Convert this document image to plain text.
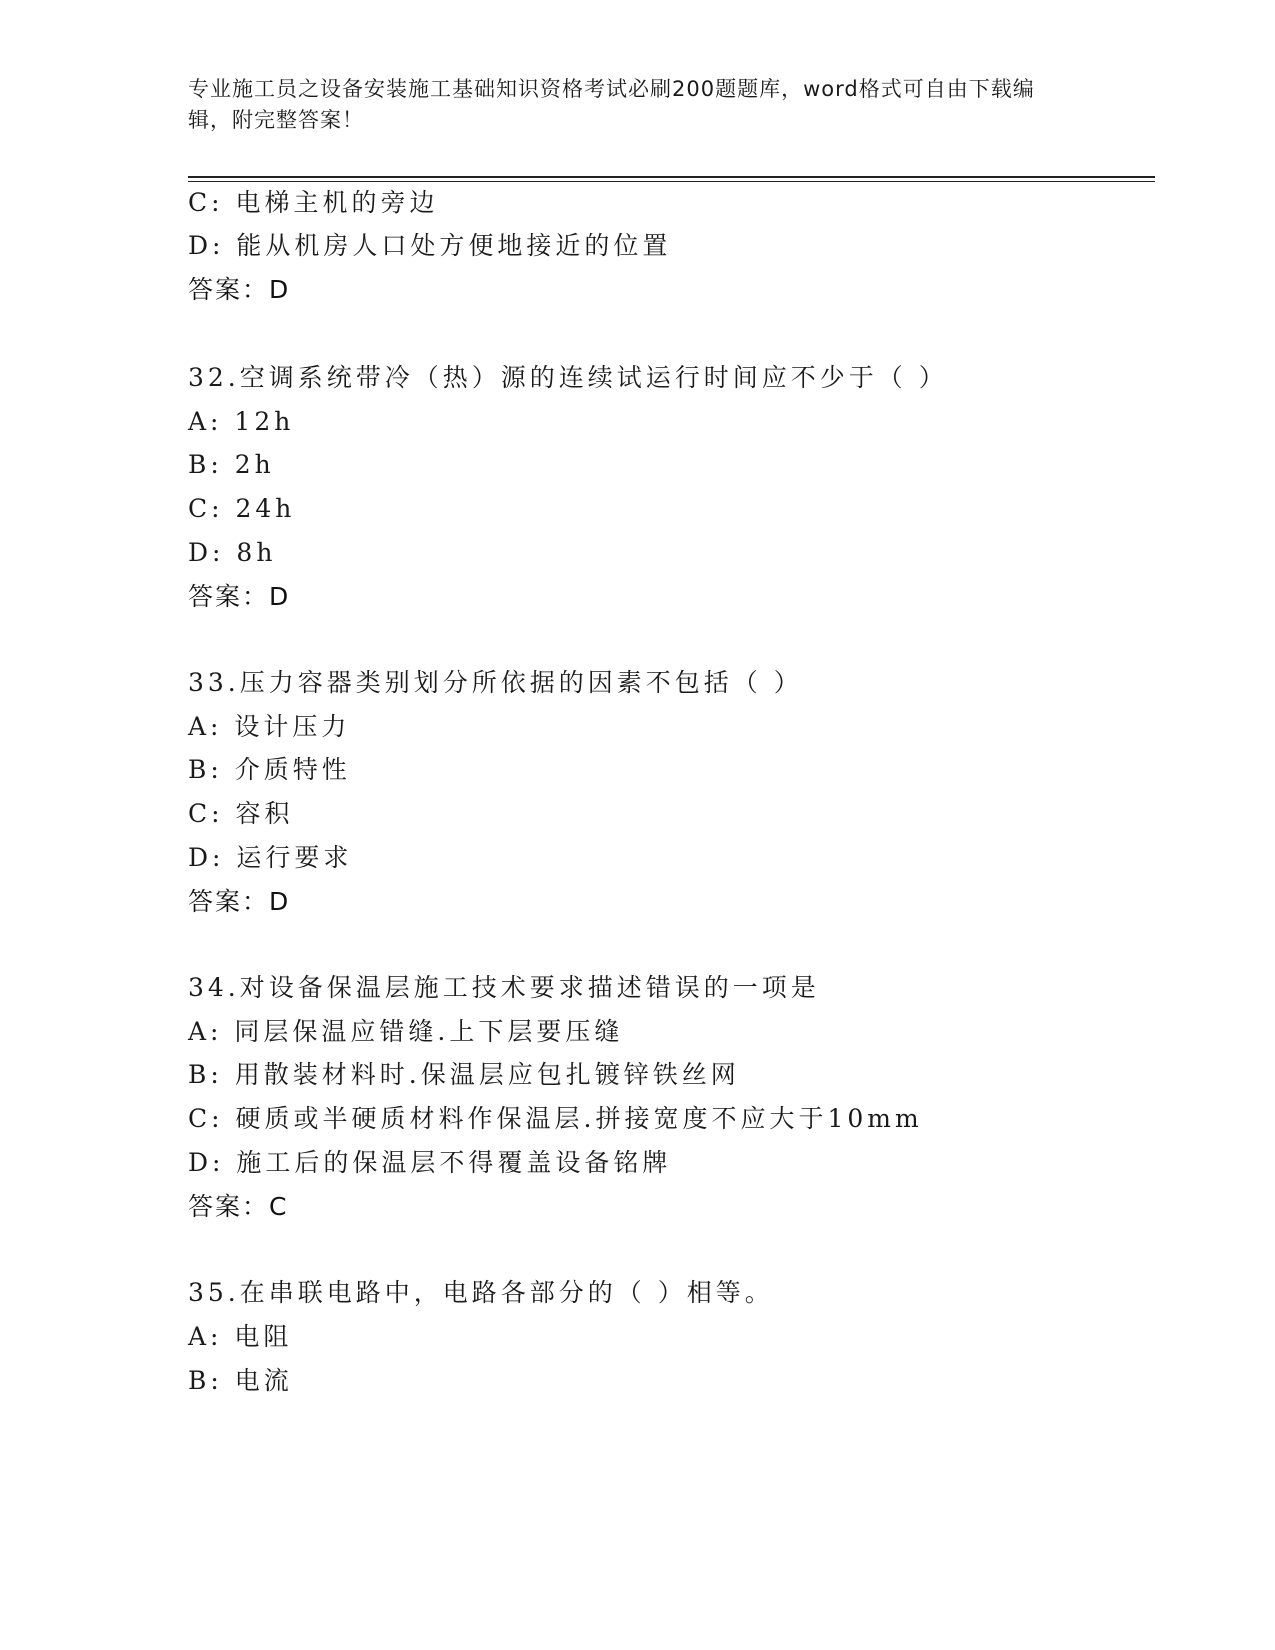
专业施工员之设备安装施工基础知识资格考试必刷200题题库，word格式可自由下载编辑，附完整答案！
C: 电梯主机的旁边
D: 能从机房人口处方便地接近的位置
答案：D
32.空调系统带冷（热）源的连续试运行时间应不少于（ ）
A: 12h
B: 2h
C: 24h
D: 8h
答案：D
33.压力容器类别划分所依据的因素不包括（ ）
A: 设计压力
B: 介质特性
C: 容积
D: 运行要求
答案：D
34.对设备保温层施工技术要求描述错误的一项是
A: 同层保温应错缝.上下层要压缝
B: 用散装材料时.保温层应包扎镀锌铁丝网
C: 硬质或半硬质材料作保温层.拼接宽度不应大于10mm
D: 施工后的保温层不得覆盖设备铭牌
答案：C
35.在串联电路中，电路各部分的（ ）相等。
A: 电阻
B: 电流
